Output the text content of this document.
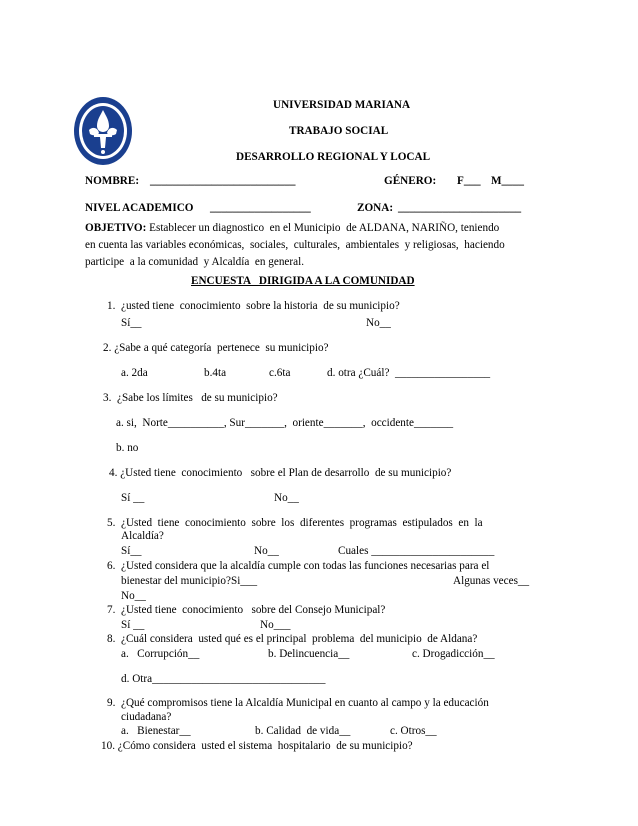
UNIVERSIDAD MARIANA
TRABAJO SOCIAL
DESARROLLO REGIONAL Y LOCAL
NOMBRE: __________________________	GÉNERO: F___ M____
NIVEL ACADEMICO __________________	ZONA: ______________________
OBJETIVO: Establecer un diagnostico  en el Municipio  de ALDANA, NARIÑO, teniendo
en cuenta las variables económicas,  sociales,  culturales,  ambientales  y religiosas,  haciendo
participe  a la comunidad  y Alcaldía  en general.
ENCUESTA   DIRIGIDA A LA COMUNIDAD
1.  ¿usted tiene  conocimiento  sobre la historia  de su municipio?
Sí__	No__
2. ¿Sabe a qué categoría  pertenece  su municipio?
a. 2da	b.4ta	c.6ta	d. otra ¿Cuál?  _________________
3.  ¿Sabe los límites   de su municipio?
a. si,  Norte__________, Sur_______,  oriente_______,  occidente_______
b. no
4. ¿Usted tiene  conocimiento   sobre el Plan de desarrollo  de su municipio?
Sí __	No__
5.  ¿Usted  tiene  conocimiento  sobre  los  diferentes  programas  estipulados  en  la
Alcaldía?
Sí__	No__	Cuales ______________________
6.  ¿Usted considera que la alcaldía cumple con todas las funciones necesarias para el
bienestar del municipio?Si___	Algunas veces__
No__
7.  ¿Usted tiene  conocimiento   sobre del Consejo Municipal?
Sí __	No___
8.  ¿Cuál considera  usted qué es el principal  problema  del municipio  de Aldana?
a.   Corrupción__	b. Delincuencia__	c. Drogadicción__
d. Otra_______________________________
9.  ¿Qué compromisos tiene la Alcaldía Municipal en cuanto al campo y la educación
ciudadana?
a.   Bienestar__	b. Calidad  de vida__	c. Otros__
10. ¿Cómo considera  usted el sistema  hospitalario  de su municipio?
